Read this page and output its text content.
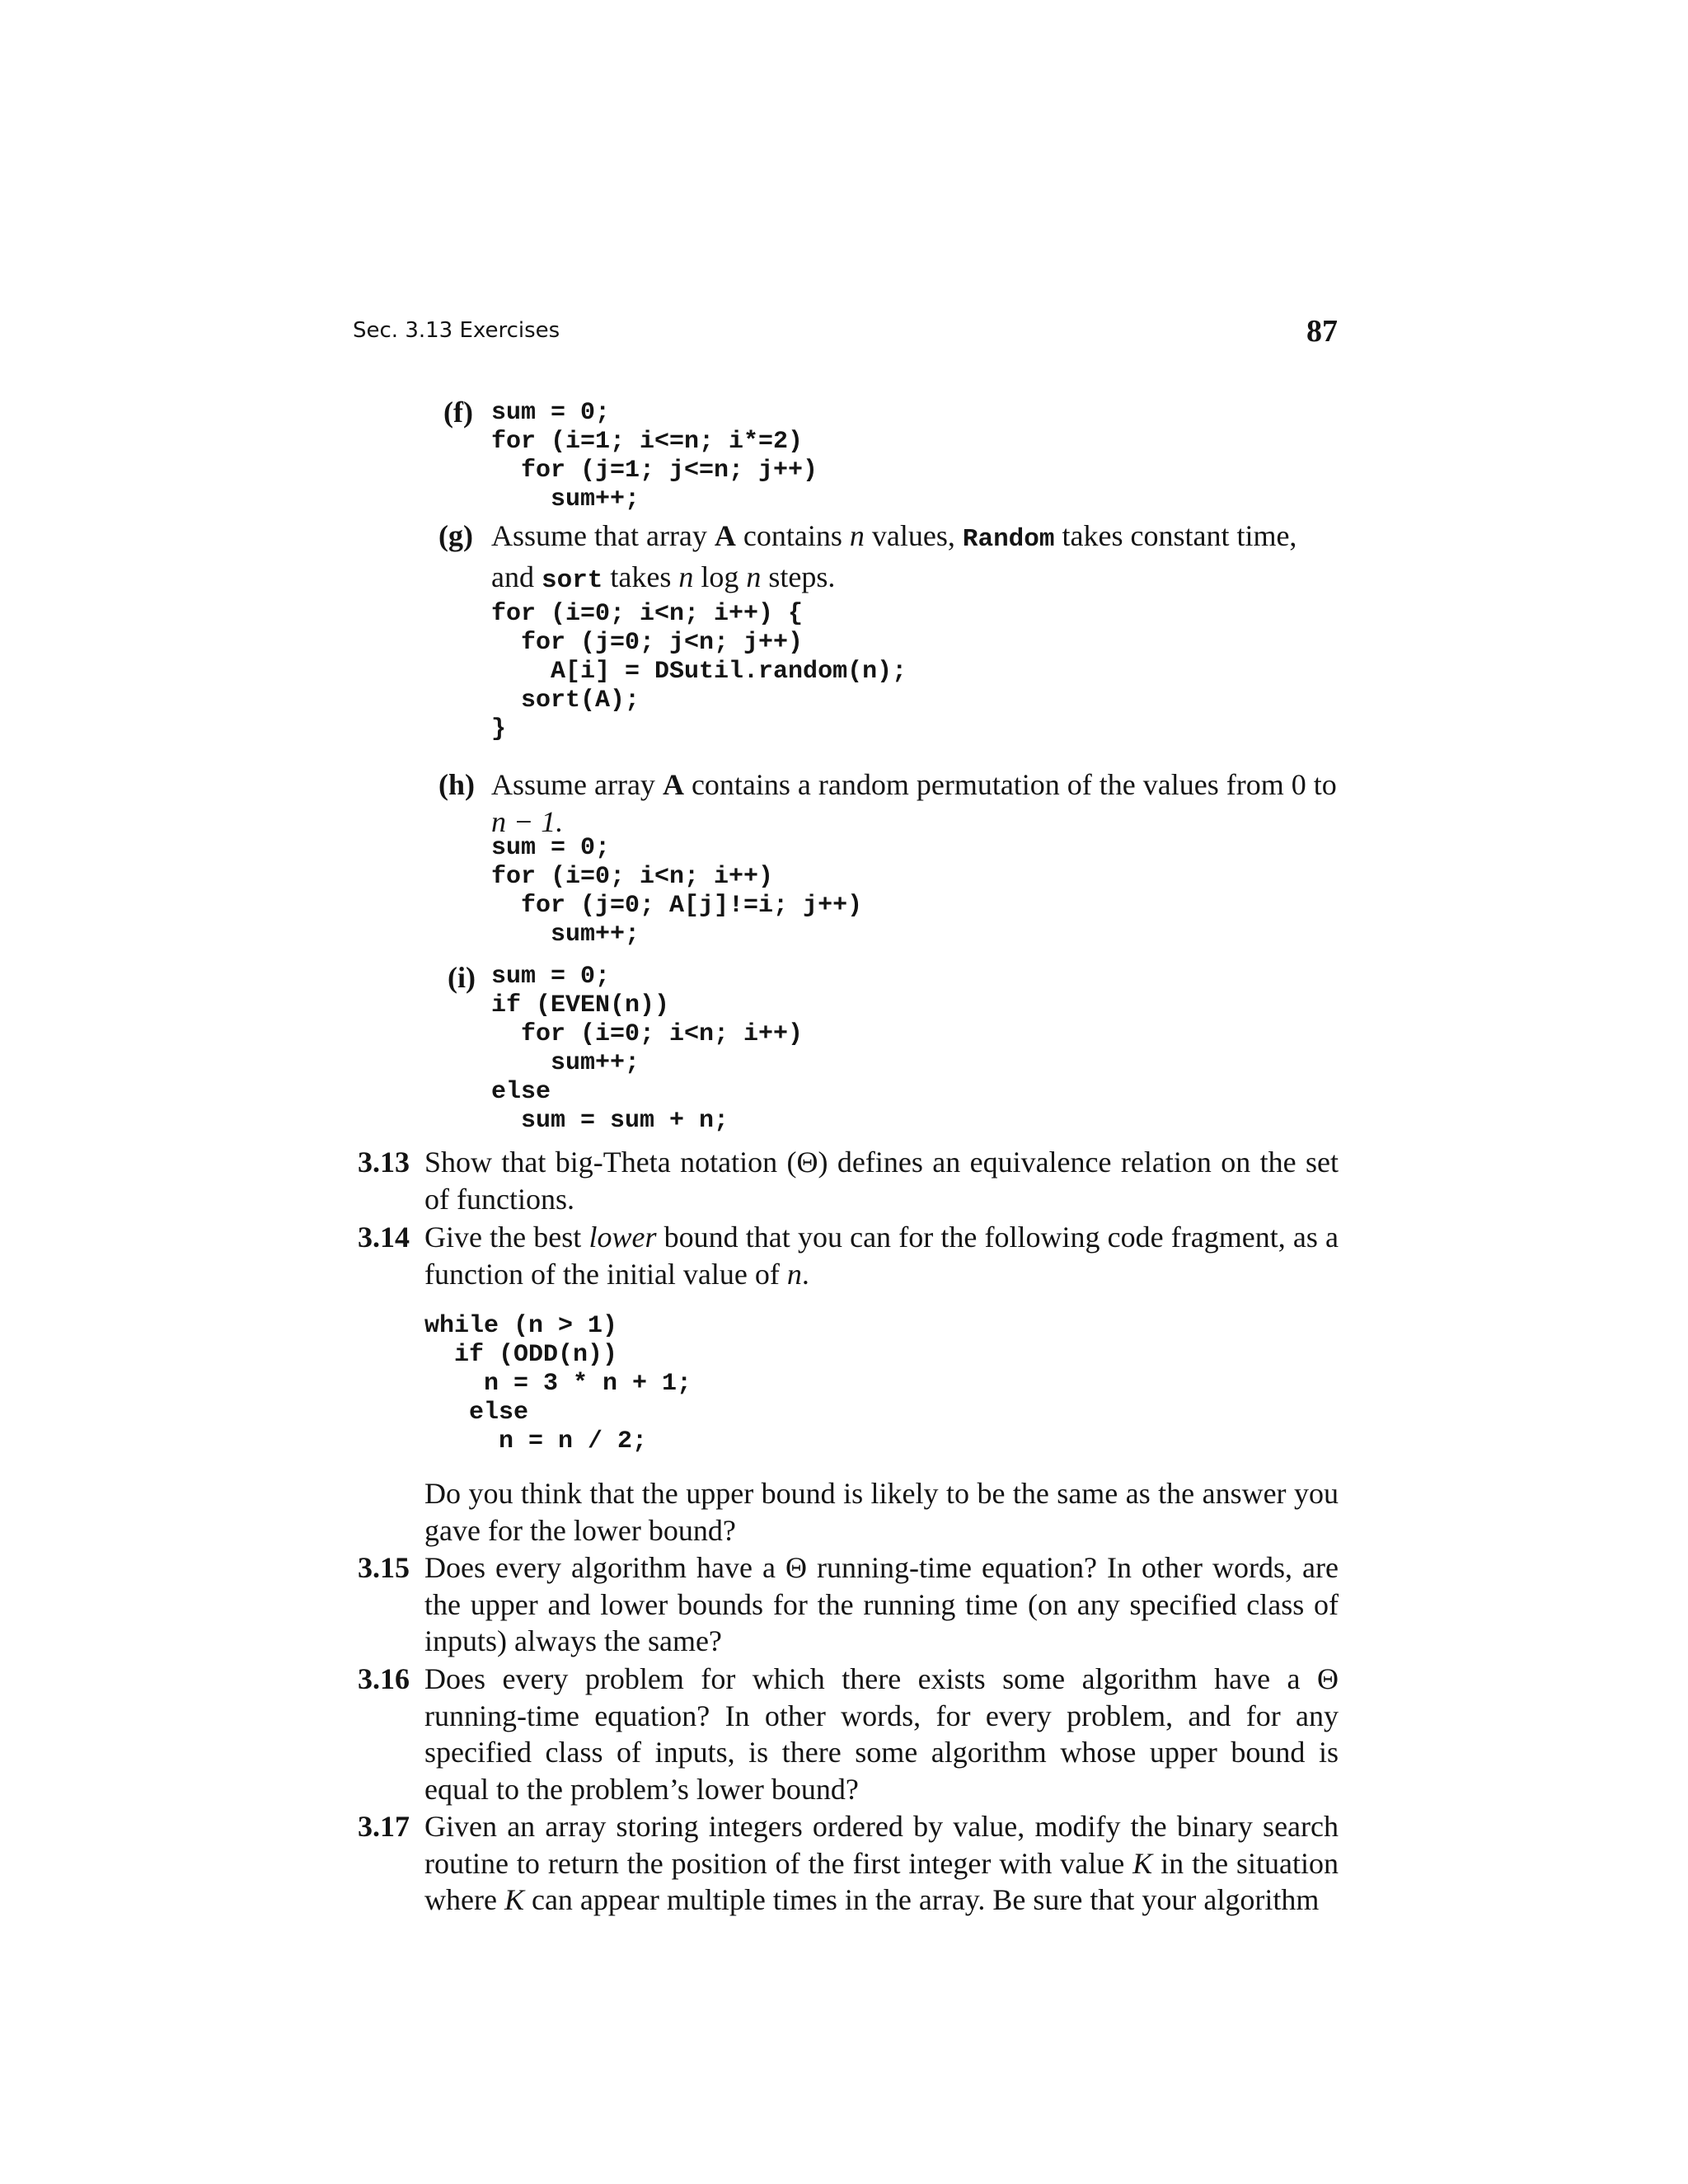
Sec. 3.13 Exercises	87
(f) sum = 0;
for (i=1; i<=n; i*=2)
for (j=1; j<=n; j++)
sum++;
(g) Assume that array A contains n values, Random takes constant time,
and sort takes n log n steps.
for (i=0; i<n; i++) {
for (j=0; j<n; j++)
A[i] = DSutil.random(n);
sort(A);
}
(h) Assume array A contains a random permutation of the values from 0 to
n − 1.
sum = 0;
for (i=0; i<n; i++)
for (j=0; A[j]!=i; j++)
sum++;
(i) sum = 0;
if (EVEN(n))
for (i=0; i<n; i++)
sum++;
else
sum = sum + n;
3.13 Show that big-Theta notation (Θ) defines an equivalence relation on the set of functions.
3.14 Give the best lower bound that you can for the following code fragment, as a function of the initial value of n.
while (n > 1)
if (ODD(n))
n = 3 * n + 1;
else
n = n / 2;
Do you think that the upper bound is likely to be the same as the answer you gave for the lower bound?
3.15 Does every algorithm have a Θ running-time equation? In other words, are the upper and lower bounds for the running time (on any specified class of inputs) always the same?
3.16 Does every problem for which there exists some algorithm have a Θ running-time equation? In other words, for every problem, and for any specified class of inputs, is there some algorithm whose upper bound is equal to the problem’s lower bound?
3.17 Given an array storing integers ordered by value, modify the binary search routine to return the position of the first integer with value K in the situation where K can appear multiple times in the array. Be sure that your algorithm
